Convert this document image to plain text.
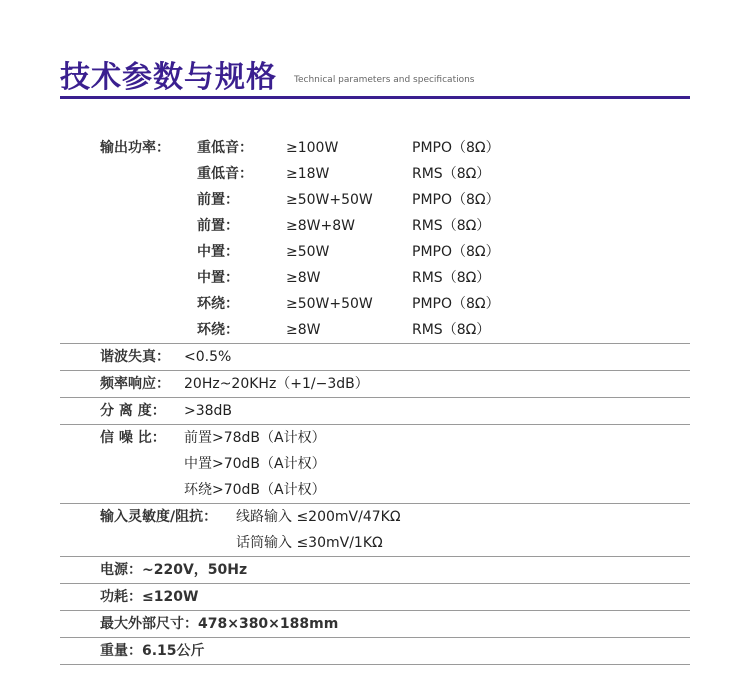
技术参数与规格 Technical parameters and specifications
输出功率： 重低音： ≥100W	PMPO（8Ω）
重低音： ≥18W	RMS（8Ω）
前置：	≥50W+50W	PMPO（8Ω）
前置：	≥8W+8W	RMS（8Ω）
中置：	≥50W	PMPO（8Ω）
中置：	≥8W	RMS（8Ω）
环绕：	≥50W+50W	PMPO（8Ω）
环绕：	≥8W	RMS（8Ω）
谐波失真： <0.5%
频率响应： 20Hz~20KHz（+1/−3dB）
分 离 度： >38dB
信 噪 比： 前置>78dB（A计权）
中置>70dB（A计权）
环绕>70dB（A计权）
输入灵敏度/阻抗： 线路输入 ≤200mV/47KΩ
话筒输入 ≤30mV/1KΩ
电源：~220V，50Hz
功耗：≤120W
最大外部尺寸：478×380×188mm
重量：6.15公斤
